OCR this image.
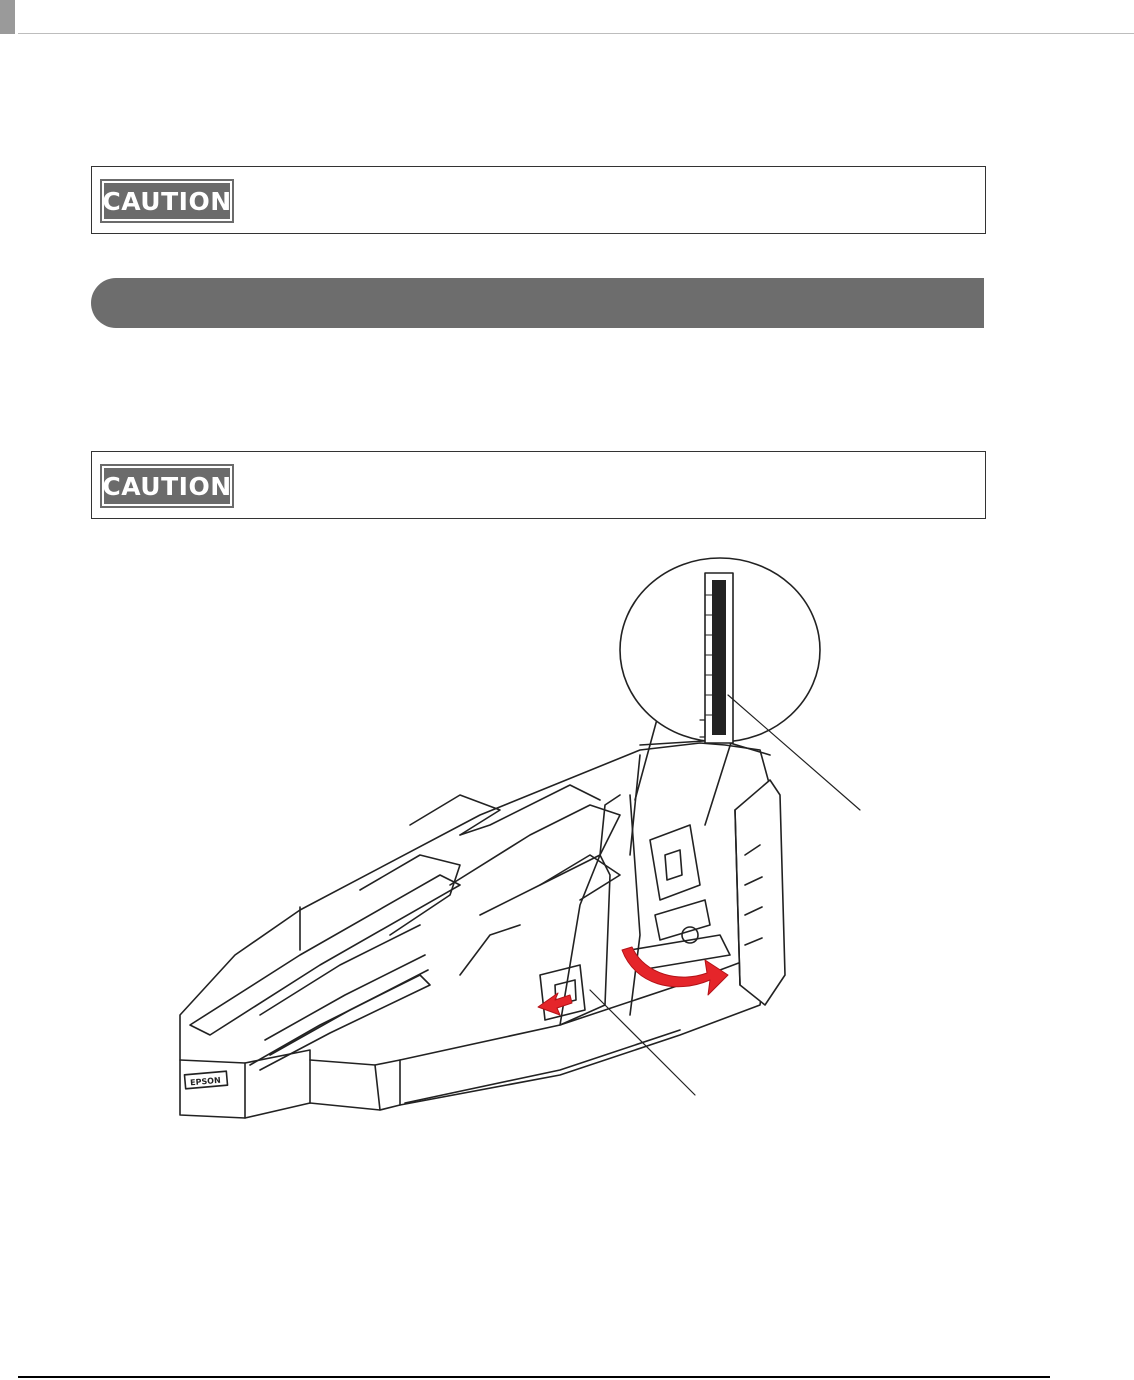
CAUTION
CAUTION
EPSON
